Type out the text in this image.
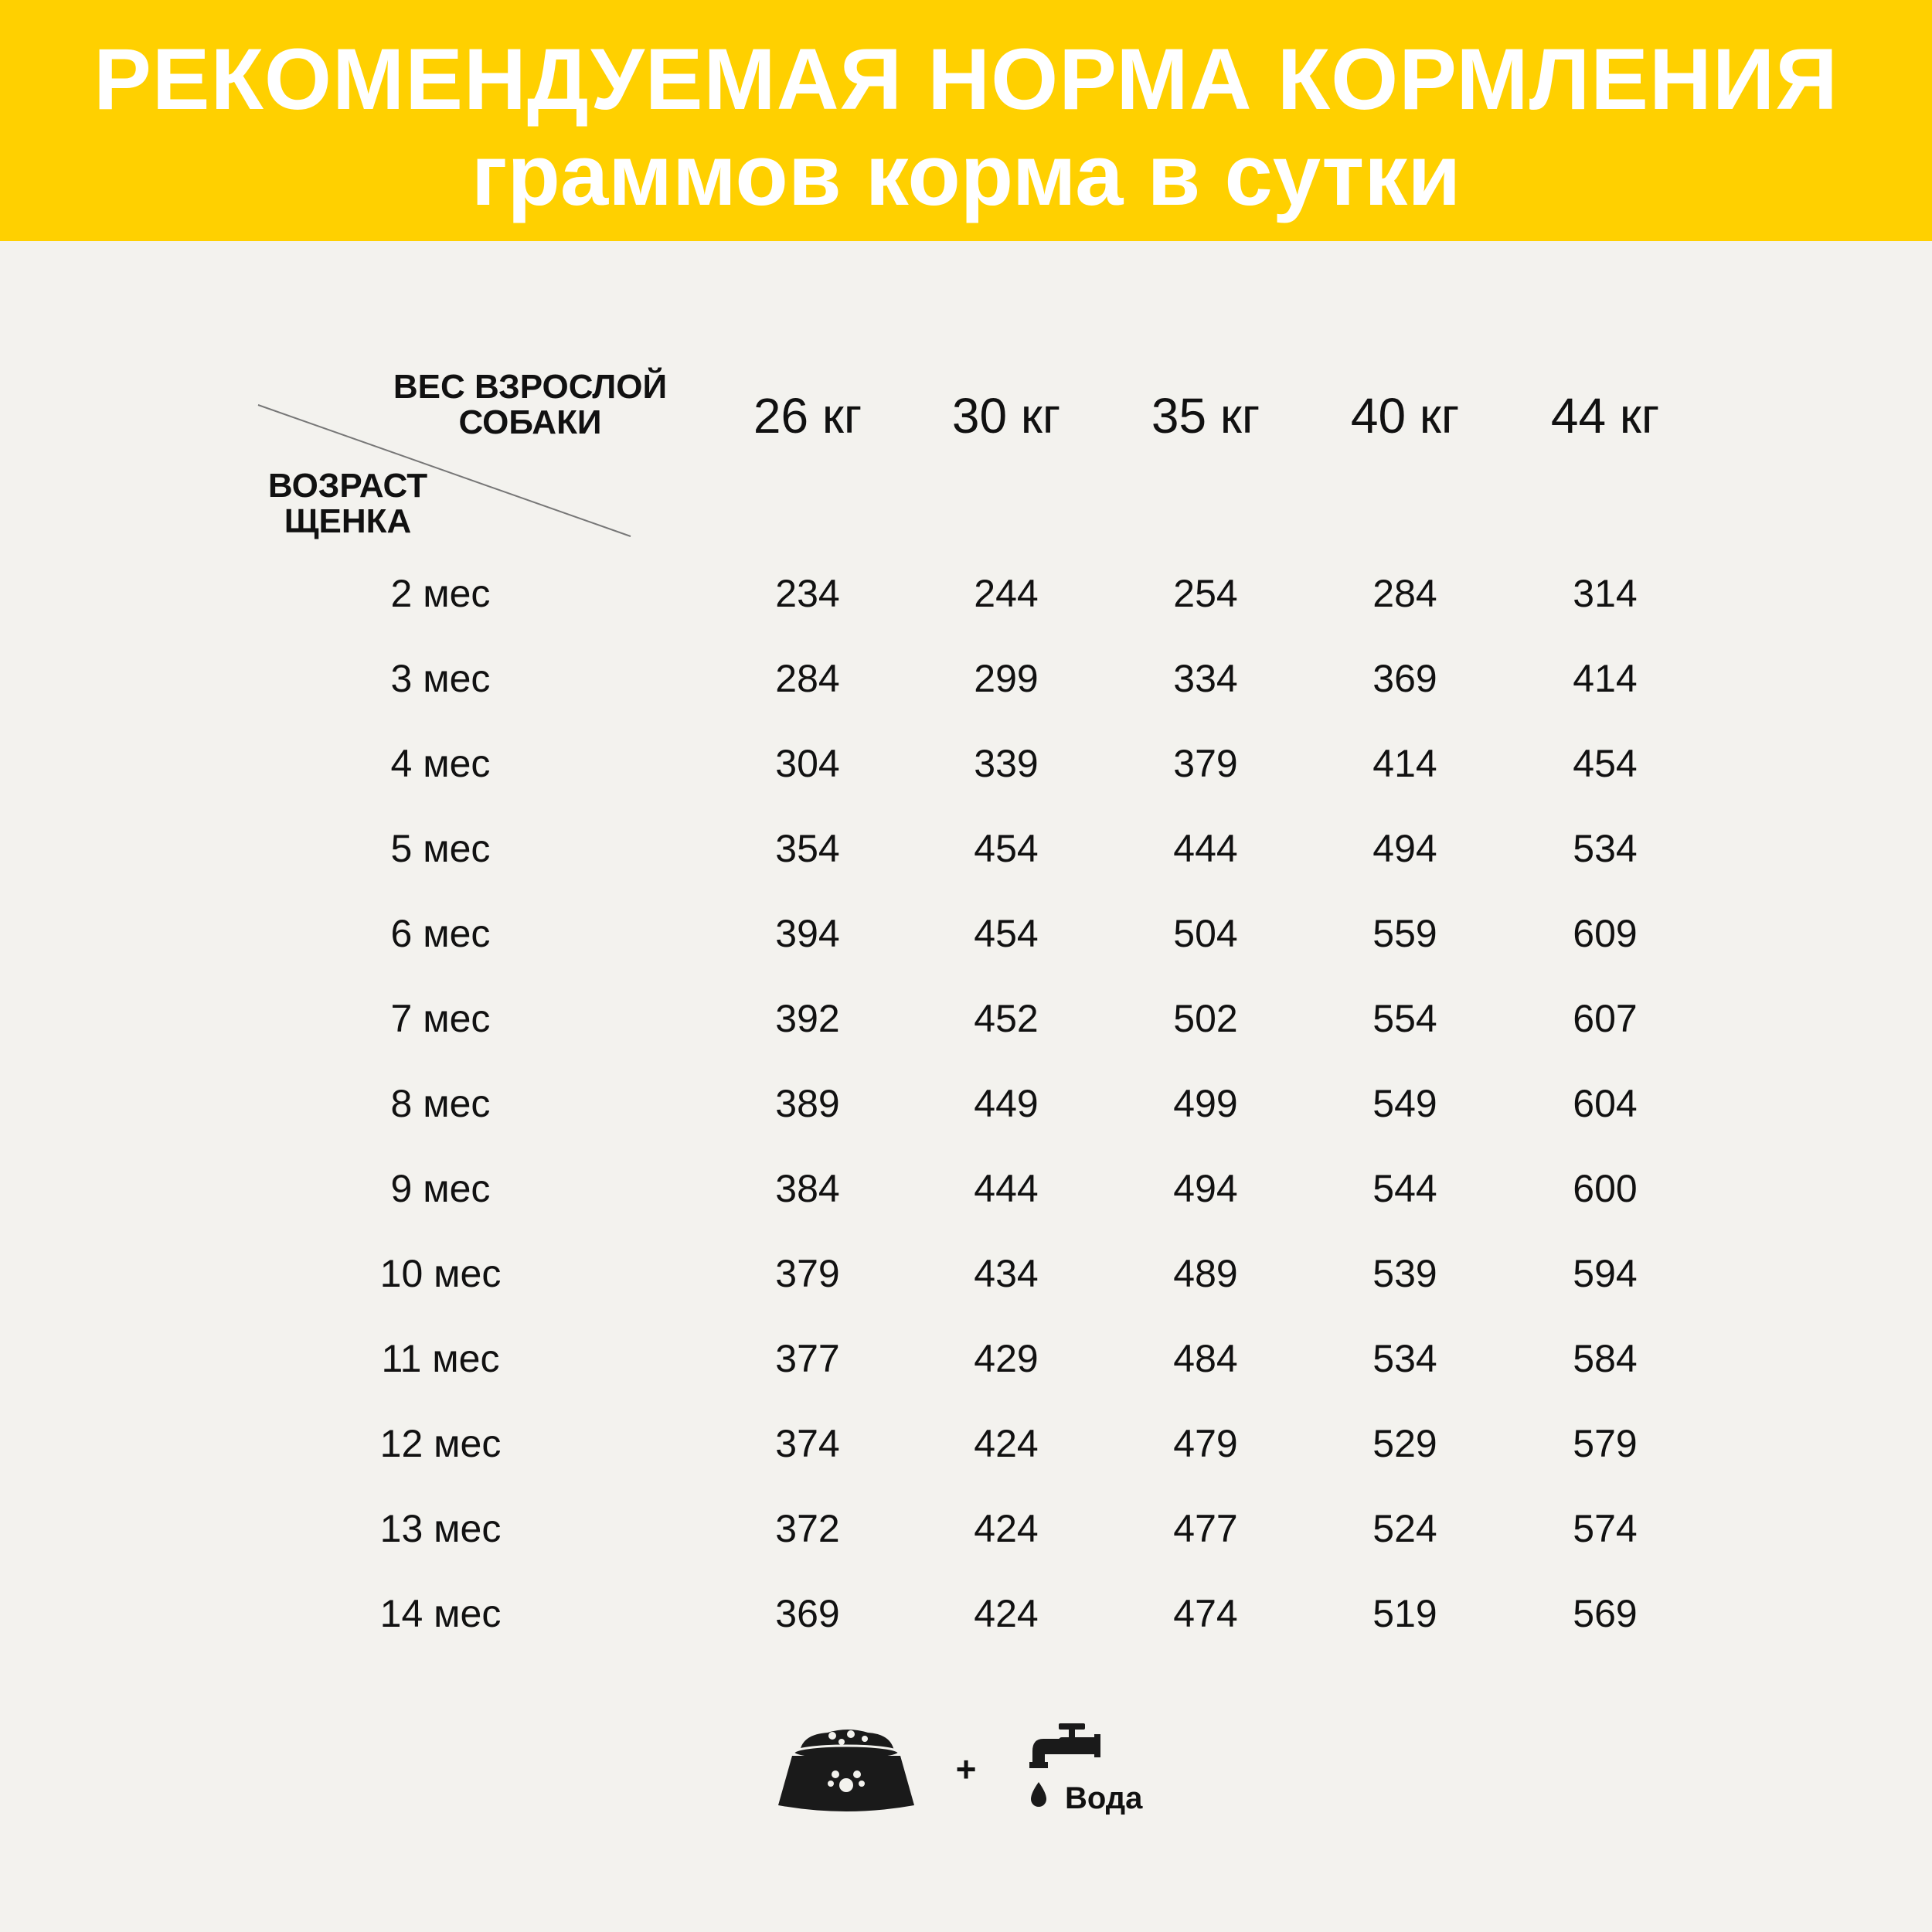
РЕКОМЕНДУЕМАЯ НОРМА КОРМЛЕНИЯ
граммов корма в сутки
ВЕС ВЗРОСЛОЙ СОБАКИ
ВОЗРАСТ ЩЕНКА
26 кг	30 кг	35 кг	40 кг	44 кг
2 мес	234	244	254	284	314
3 мес	284	299	334	369	414
4 мес	304	339	379	414	454
5 мес	354	454	444	494	534
6 мес	394	454	504	559	609
7 мес	392	452	502	554	607
8 мес	389	449	499	549	604
9 мес	384	444	494	544	600
10 мес	379	434	489	539	594
11 мес	377	429	484	534	584
12 мес	374	424	479	529	579
13 мес	372	424	477	524	574
14 мес	369	424	474	519	569
+
Вода
